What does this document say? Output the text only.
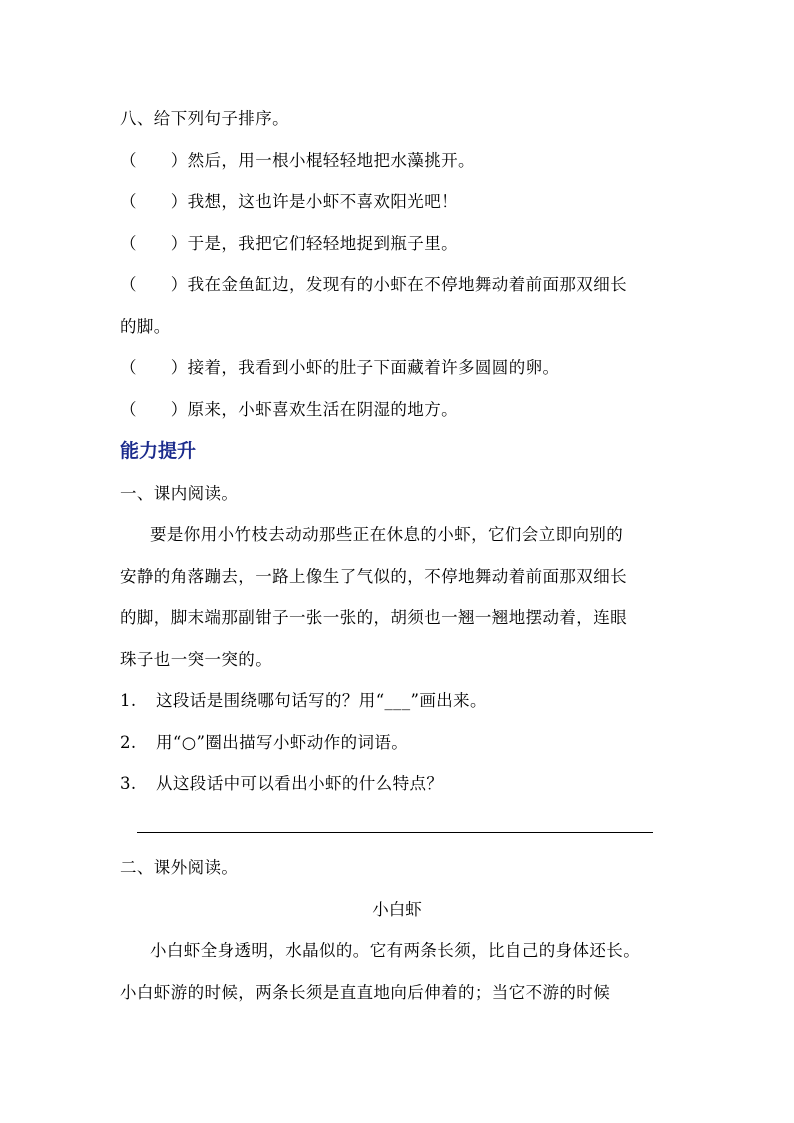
八、给下列句子排序。
（　　）然后，用一根小棍轻轻地把水藻挑开。
（　　）我想，这也许是小虾不喜欢阳光吧！
（　　）于是，我把它们轻轻地捉到瓶子里。
（　　）我在金鱼缸边，发现有的小虾在不停地舞动着前面那双细长
的脚。
（　　）接着，我看到小虾的肚子下面藏着许多圆圆的卵。
（　　）原来，小虾喜欢生活在阴湿的地方。
能力提升
一、课内阅读。
要是你用小竹枝去动动那些正在休息的小虾，它们会立即向别的
安静的角落蹦去，一路上像生了气似的，不停地舞动着前面那双细长
的脚，脚末端那副钳子一张一张的，胡须也一翘一翘地摆动着，连眼
珠子也一突一突的。
1. 这段话是围绕哪句话写的？用“___”画出来。
2. 用“○”圈出描写小虾动作的词语。
3. 从这段话中可以看出小虾的什么特点？
二、课外阅读。
小白虾
小白虾全身透明，水晶似的。它有两条长须，比自己的身体还长。
小白虾游的时候，两条长须是直直地向后伸着的；当它不游的时候
